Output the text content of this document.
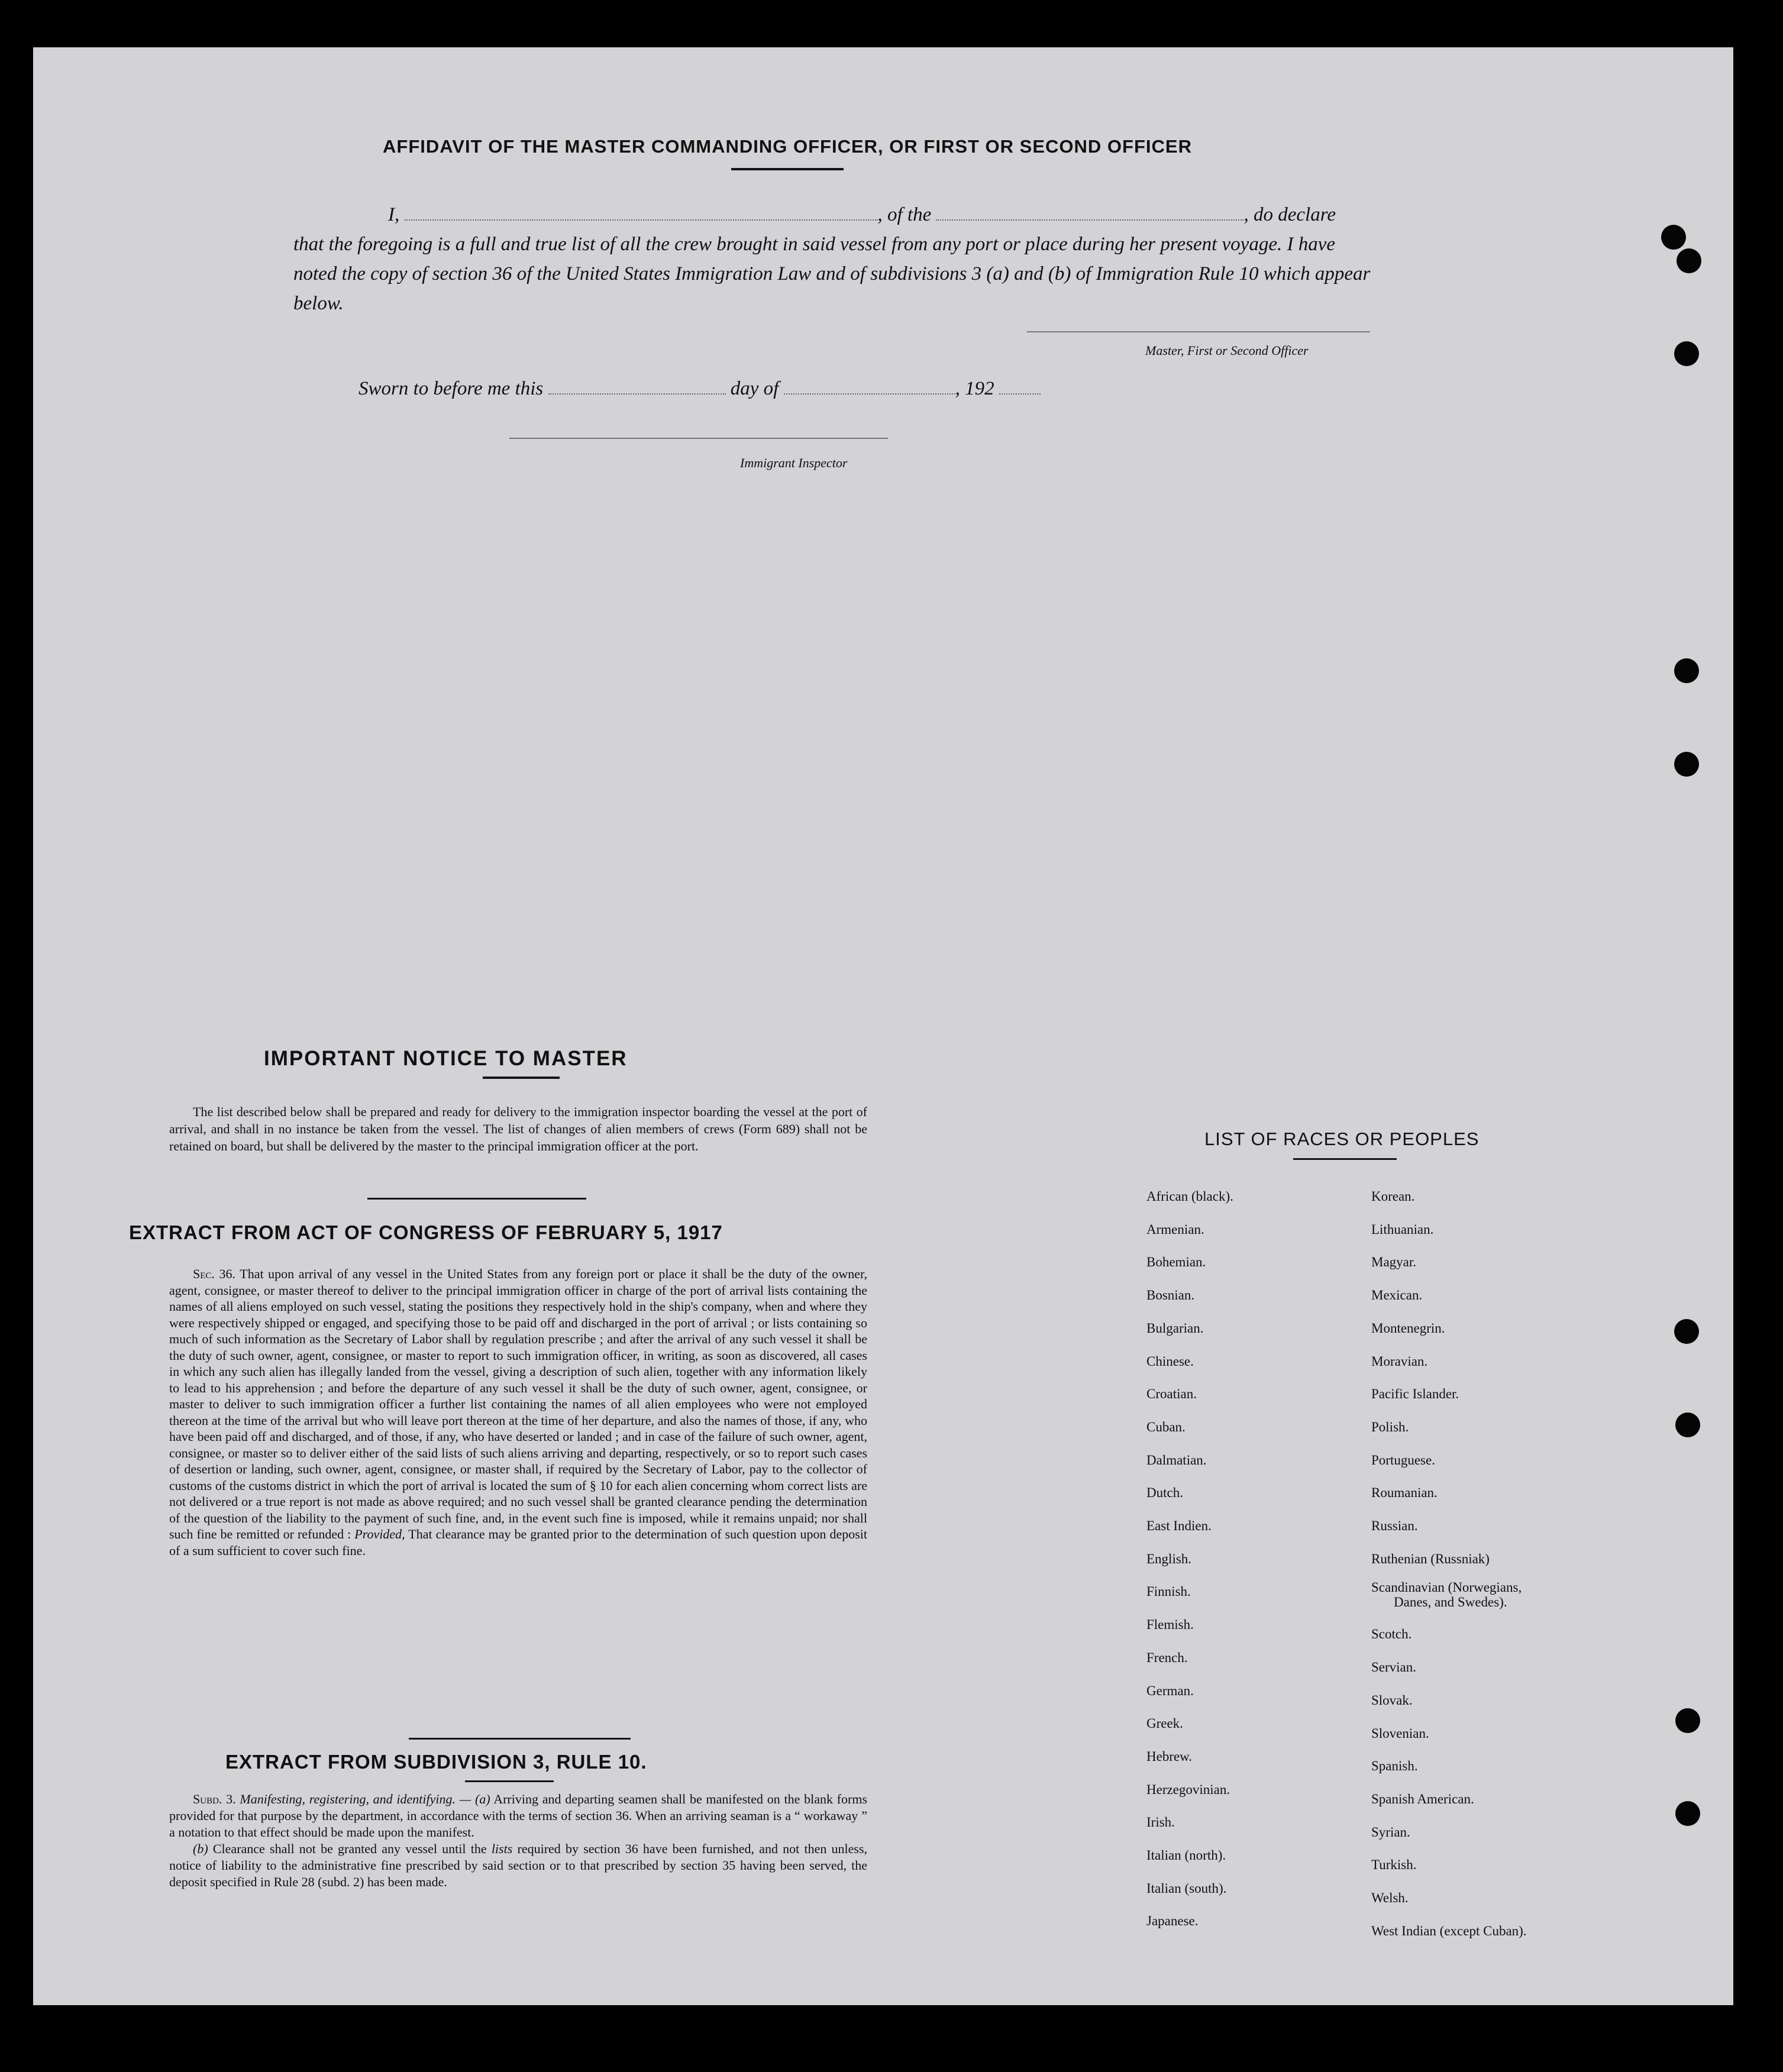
AFFIDAVIT OF THE MASTER COMMANDING OFFICER, OR FIRST OR SECOND OFFICER
I,	, of the	, do declare
that the foregoing is a full and true list of all the crew brought in said vessel from any port or place during her present voyage. I have noted the copy of section 36 of the United States Immigration Law and of subdivisions 3 (a) and (b) of Immigration Rule 10 which appear below.
Master, First or Second Officer
Sworn to before me this	day of	, 192
Immigrant Inspector
IMPORTANT NOTICE TO MASTER
The list described below shall be prepared and ready for delivery to the immigration inspector boarding the vessel at the port of arrival, and shall in no instance be taken from the vessel. The list of changes of alien members of crews (Form 689) shall not be retained on board, but shall be delivered by the master to the principal immigration officer at the port.
EXTRACT FROM ACT OF CONGRESS OF FEBRUARY 5, 1917
Sec. 36. That upon arrival of any vessel in the United States from any foreign port or place it shall be the duty of the owner, agent, consignee, or master thereof to deliver to the principal immigration officer in charge of the port of arrival lists containing the names of all aliens employed on such vessel, stating the positions they respectively hold in the ship's company, when and where they were respectively shipped or engaged, and specifying those to be paid off and discharged in the port of arrival ; or lists containing so much of such information as the Secretary of Labor shall by regulation prescribe ; and after the arrival of any such vessel it shall be the duty of such owner, agent, consignee, or master to report to such immigration officer, in writing, as soon as discovered, all cases in which any such alien has illegally landed from the vessel, giving a description of such alien, together with any information likely to lead to his apprehension ; and before the departure of any such vessel it shall be the duty of such owner, agent, consignee, or master to deliver to such immigration officer a further list containing the names of all alien employees who were not employed thereon at the time of the arrival but who will leave port thereon at the time of her departure, and also the names of those, if any, who have been paid off and discharged, and of those, if any, who have deserted or landed ; and in case of the failure of such owner, agent, consignee, or master so to deliver either of the said lists of such aliens arriving and departing, respectively, or so to report such cases of desertion or landing, such owner, agent, consignee, or master shall, if required by the Secretary of Labor, pay to the collector of customs of the customs district in which the port of arrival is located the sum of § 10 for each alien concerning whom correct lists are not delivered or a true report is not made as above required; and no such vessel shall be granted clearance pending the determination of the question of the liability to the payment of such fine, and, in the event such fine is imposed, while it remains unpaid; nor shall such fine be remitted or refunded : Provided, That clearance may be granted prior to the determination of such question upon deposit of a sum sufficient to cover such fine.
EXTRACT FROM SUBDIVISION 3, RULE 10.

Subd. 3. Manifesting, registering, and identifying. — (a) Arriving and departing seamen shall be manifested on the blank forms provided for that purpose by the department, in accordance with the terms of section 36. When an arriving seaman is a “ workaway ” a notation to that effect should be made upon the manifest.

(b) Clearance shall not be granted any vessel until the lists required by section 36 have been furnished, and not then unless, notice of liability to the administrative fine prescribed by said section or to that prescribed by section 35 having been served, the deposit specified in Rule 28 (subd. 2) has been made.

LIST OF RACES OR PEOPLES
African (black).
Armenian.
Bohemian.
Bosnian.
Bulgarian.
Chinese.
Croatian.
Cuban.
Dalmatian.
Dutch.
East Indien.
English.
Finnish.
Flemish.
French.
German.
Greek.
Hebrew.
Herzegovinian.
Irish.
Italian (north).
Italian (south).
Japanese.
Korean.
Lithuanian.
Magyar.
Mexican.
Montenegrin.
Moravian.
Pacific Islander.
Polish.
Portuguese.
Roumanian.
Russian.
Ruthenian (Russniak)
Scandinavian (Norwegians,
Danes, and Swedes).
Scotch.
Servian.
Slovak.
Slovenian.
Spanish.
Spanish American.
Syrian.
Turkish.
Welsh.
West Indian (except Cuban).
